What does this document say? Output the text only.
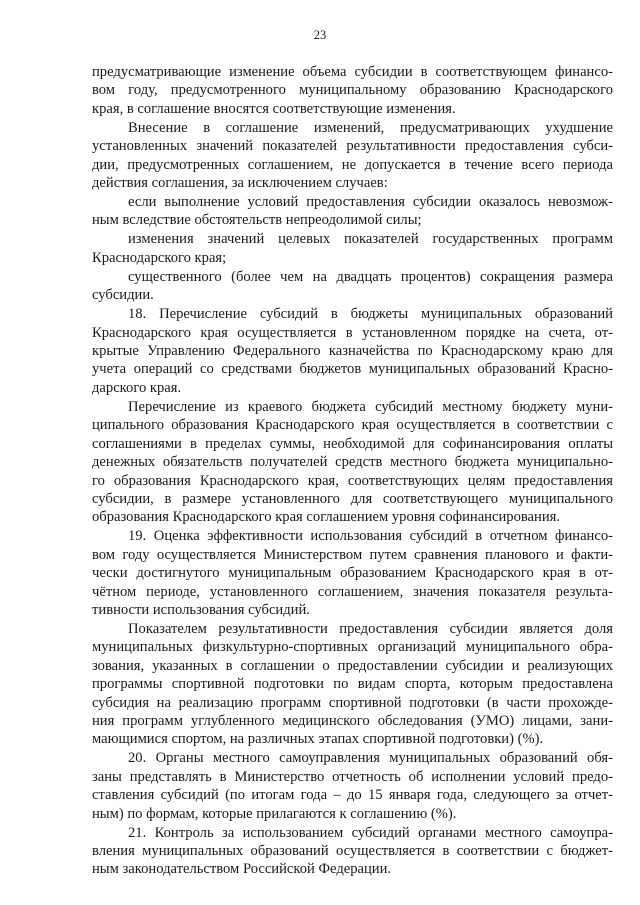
23
предусматривающие изменение объема субсидии в соответствующем финансо-
вом году, предусмотренного муниципальному образованию Краснодарского
края, в соглашение вносятся соответствующие изменения.
Внесение в соглашение изменений, предусматривающих ухудшение
установленных значений показателей результативности предоставления субси-
дии, предусмотренных соглашением, не допускается в течение всего периода
действия соглашения, за исключением случаев:
если выполнение условий предоставления субсидии оказалось невозмож-
ным вследствие обстоятельств непреодолимой силы;
изменения значений целевых показателей государственных программ
Краснодарского края;
существенного (более чем на двадцать процентов) сокращения размера
субсидии.
18. Перечисление субсидий в бюджеты муниципальных образований
Краснодарского края осуществляется в установленном порядке на счета, от-
крытые Управлению Федерального казначейства по Краснодарскому краю для
учета операций со средствами бюджетов муниципальных образований Красно-
дарского края.
Перечисление из краевого бюджета субсидий местному бюджету муни-
ципального образования Краснодарского края осуществляется в соответствии с
соглашениями в пределах суммы, необходимой для софинансирования оплаты
денежных обязательств получателей средств местного бюджета муниципально-
го образования Краснодарского края, соответствующих целям предоставления
субсидии, в размере установленного для соответствующего муниципального
образования Краснодарского края соглашением уровня софинансирования.
19. Оценка эффективности использования субсидий в отчетном финансо-
вом году осуществляется Министерством путем сравнения планового и факти-
чески достигнутого муниципальным образованием Краснодарского края в от-
чётном периоде, установленного соглашением, значения показателя результа-
тивности использования субсидий.
Показателем результативности предоставления субсидии является доля
муниципальных физкультурно-спортивных организаций муниципального обра-
зования, указанных в соглашении о предоставлении субсидии и реализующих
программы спортивной подготовки по видам спорта, которым предоставлена
субсидия на реализацию программ спортивной подготовки (в части прохожде-
ния программ углубленного медицинского обследования (УМО) лицами, зани-
мающимися спортом, на различных этапах спортивной подготовки) (%).
20. Органы местного самоуправления муниципальных образований обя-
заны представлять в Министерство отчетность об исполнении условий предо-
ставления субсидий (по итогам года – до 15 января года, следующего за отчет-
ным) по формам, которые прилагаются к соглашению (%).
21. Контроль за использованием субсидий органами местного самоупра-
вления муниципальных образований осуществляется в соответствии с бюджет-
ным законодательством Российской Федерации.
